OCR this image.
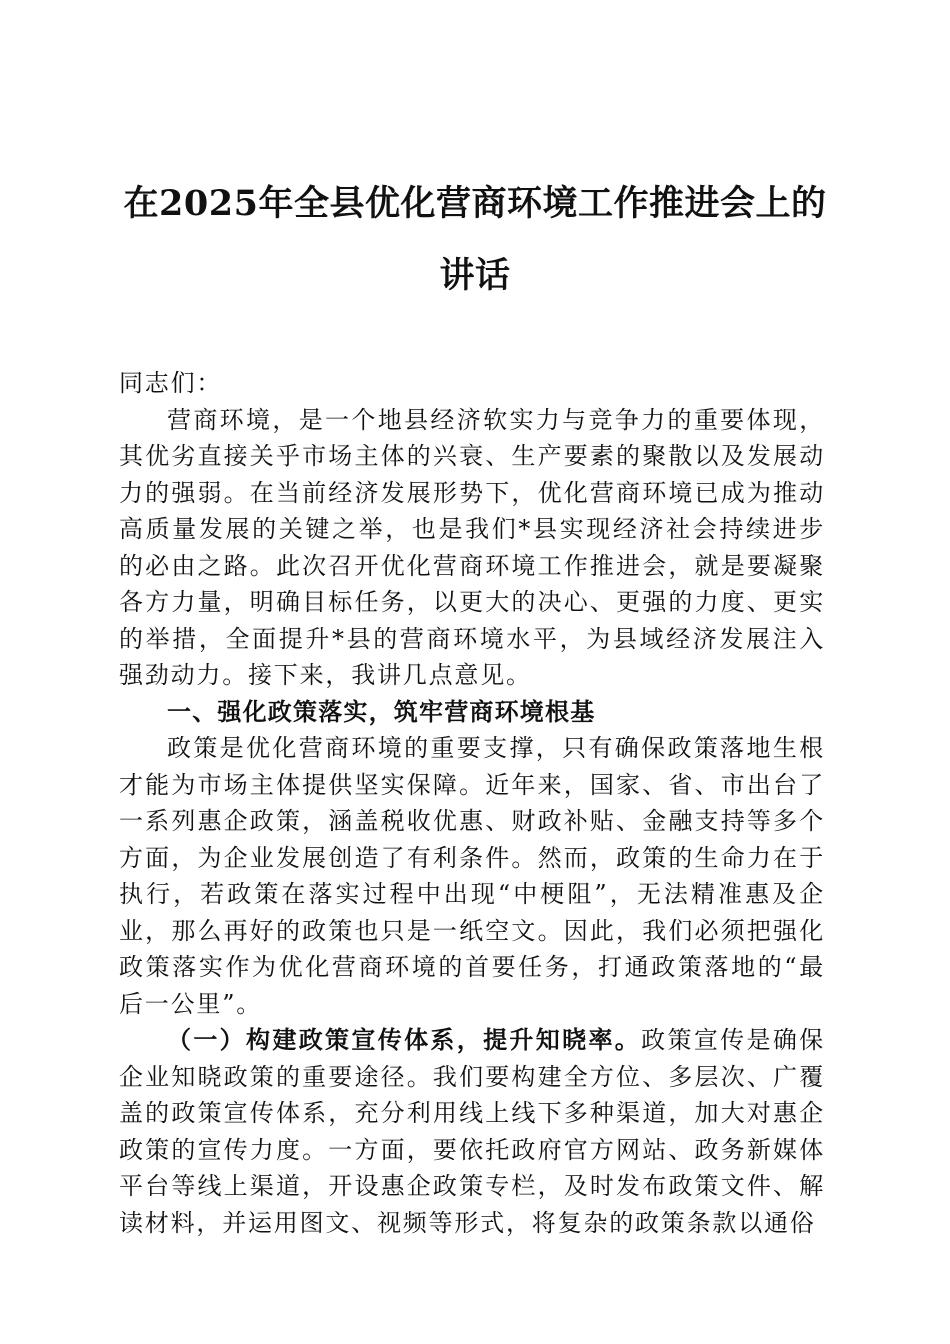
在2025年全县优化营商环境工作推进会上的
讲话

同志们：

营商环境，是一个地县经济软实力与竞争力的重要体现，其优劣直接关乎市场主体的兴衰、生产要素的聚散以及发展动力的强弱。在当前经济发展形势下，优化营商环境已成为推动高质量发展的关键之举，也是我们*县实现经济社会持续进步的必由之路。此次召开优化营商环境工作推进会，就是要凝聚各方力量，明确目标任务，以更大的决心、更强的力度、更实的举措，全面提升*县的营商环境水平，为县域经济发展注入强劲动力。接下来，我讲几点意见。

一、强化政策落实，筑牢营商环境根基

政策是优化营商环境的重要支撑，只有确保政策落地生根才能为市场主体提供坚实保障。近年来，国家、省、市出台了一系列惠企政策，涵盖税收优惠、财政补贴、金融支持等多个方面，为企业发展创造了有利条件。然而，政策的生命力在于执行，若政策在落实过程中出现“中梗阻”，无法精准惠及企业，那么再好的政策也只是一纸空文。因此，我们必须把强化政策落实作为优化营商环境的首要任务，打通政策落地的“最后一公里”。

（一）构建政策宣传体系，提升知晓率。政策宣传是确保企业知晓政策的重要途径。我们要构建全方位、多层次、广覆盖的政策宣传体系，充分利用线上线下多种渠道，加大对惠企政策的宣传力度。一方面，要依托政府官方网站、政务新媒体平台等线上渠道，开设惠企政策专栏，及时发布政策文件、解读材料，并运用图文、视频等形式，将复杂的政策条款以通俗
